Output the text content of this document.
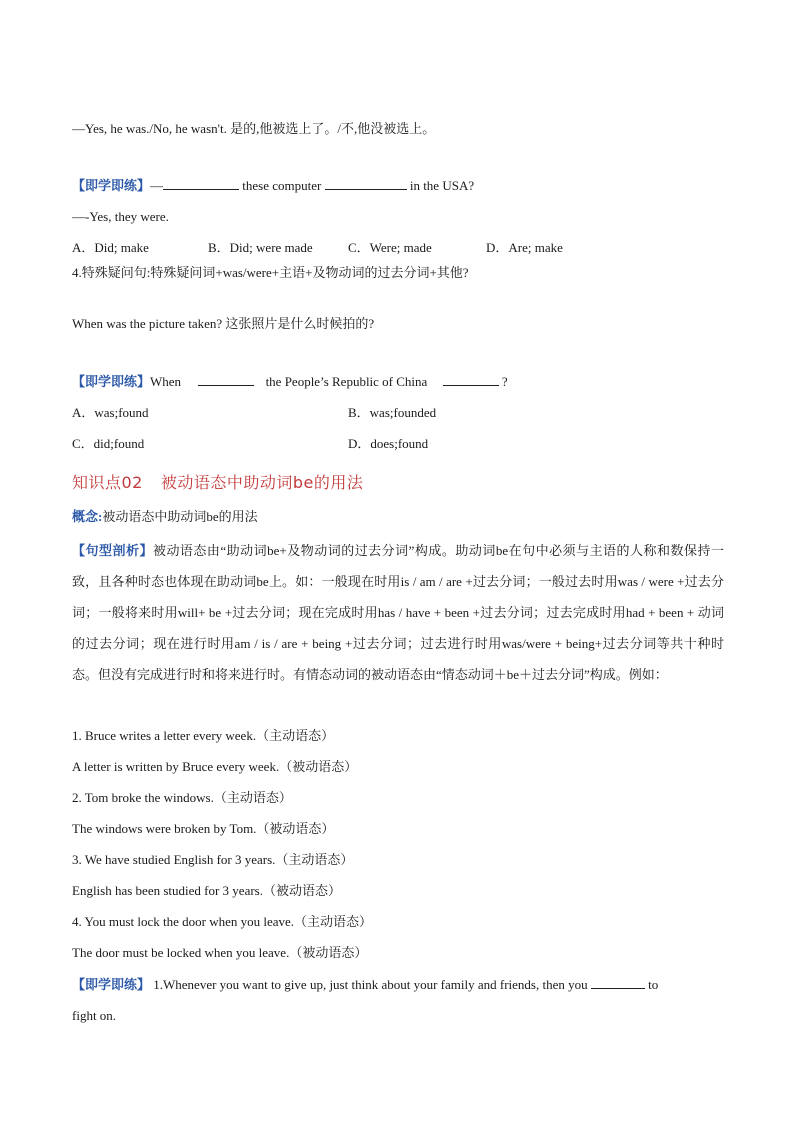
—Yes, he was./No, he wasn't. 是的,他被选上了。/不,他没被选上。
【即学即练】—	these computer	in the USA?
—-Yes, they were.
A．Did; make	B．Did; were made	C．Were; made	D．Are; make
4.特殊疑问句:特殊疑问词+was/were+主语+及物动词的过去分词+其他?
When was the picture taken? 这张照片是什么时候拍的?
【即学即练】When	the People’s Republic of China	?
A．was;found	B．was;founded
C．did;found	D．does;found
知识点02 被动语态中助动词be的用法
概念:被动语态中助动词be的用法
【句型剖析】被动语态由“助动词be+及物动词的过去分词”构成。助动词be在句中必须与主语的人称和数保持一致，且各种时态也体现在助动词be上。如：一般现在时用is / am / are +过去分词；一般过去时用was / were +过去分词；一般将来时用will+ be +过去分词；现在完成时用has / have + been +过去分词；过去完成时用had + been + 动词的过去分词；现在进行时用am / is / are + being +过去分词；过去进行时用was/were + being+过去分词等共十种时态。但没有完成进行时和将来进行时。有情态动词的被动语态由“情态动词＋be＋过去分词”构成。例如：
1. Bruce writes a letter every week.（主动语态）
A letter is written by Bruce every week.（被动语态）
2. Tom broke the windows.（主动语态）
The windows were broken by Tom.（被动语态）
3. We have studied English for 3 years.（主动语态）
English has been studied for 3 years.（被动语态）
4. You must lock the door when you leave.（主动语态）
The door must be locked when you leave.（被动语态）
【即学即练】 1.Whenever you want to give up, just think about your family and friends, then you	to
fight on.
